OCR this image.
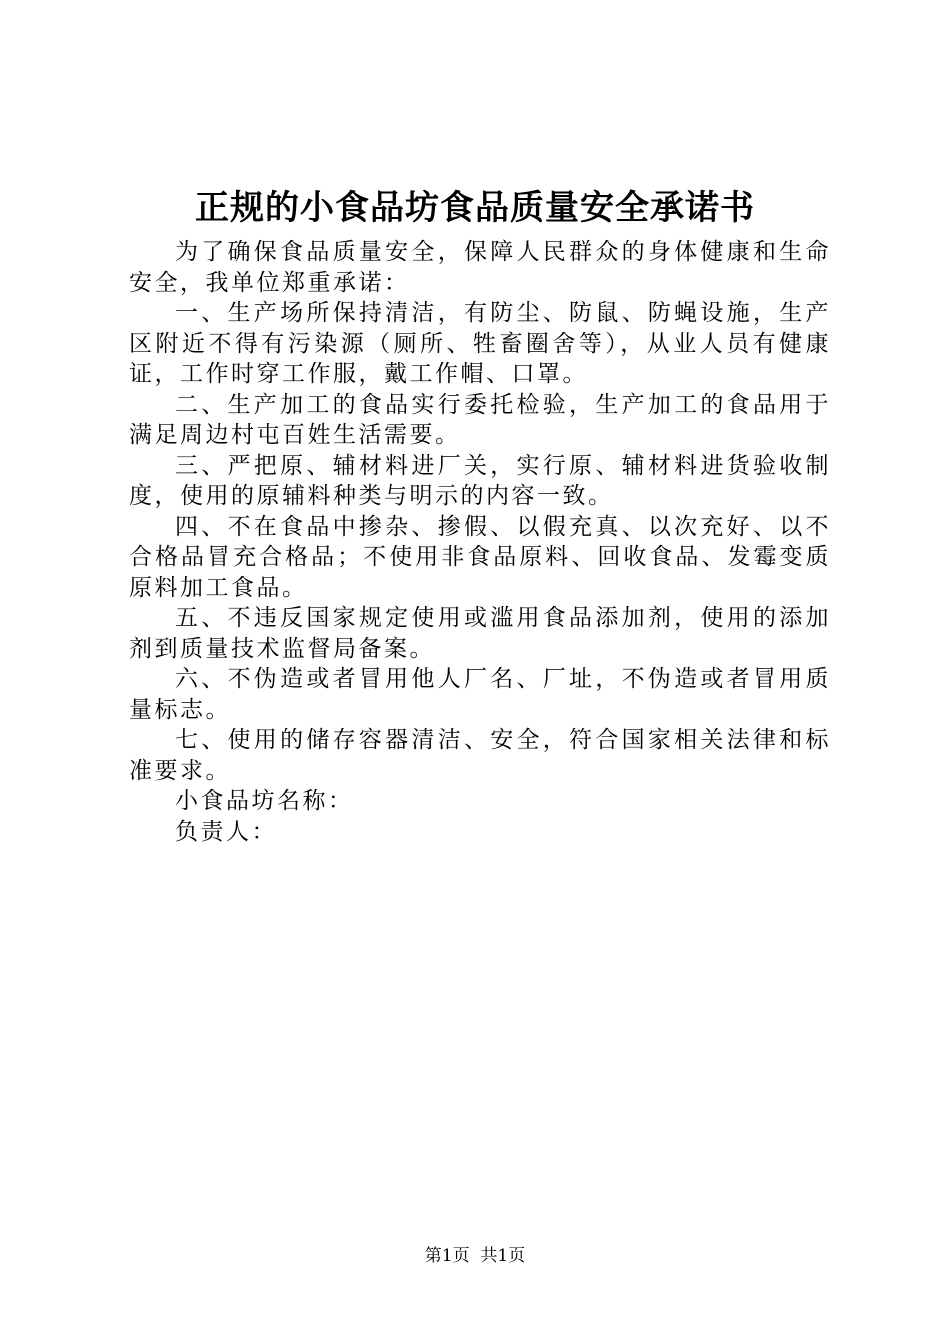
正规的小食品坊食品质量安全承诺书

为了确保食品质量安全，保障人民群众的身体健康和生命安全，我单位郑重承诺：

一、生产场所保持清洁，有防尘、防鼠、防蝇设施，生产区附近不得有污染源（厕所、牲畜圈舍等），从业人员有健康证，工作时穿工作服，戴工作帽、口罩。

二、生产加工的食品实行委托检验，生产加工的食品用于满足周边村屯百姓生活需要。

三、严把原、辅材料进厂关，实行原、辅材料进货验收制度，使用的原辅料种类与明示的内容一致。

四、不在食品中掺杂、掺假、以假充真、以次充好、以不合格品冒充合格品；不使用非食品原料、回收食品、发霉变质原料加工食品。

五、不违反国家规定使用或滥用食品添加剂，使用的添加剂到质量技术监督局备案。

六、不伪造或者冒用他人厂名、厂址，不伪造或者冒用质量标志。

七、使用的储存容器清洁、安全，符合国家相关法律和标准要求。

小食品坊名称：

负责人：

第1页 共1页
